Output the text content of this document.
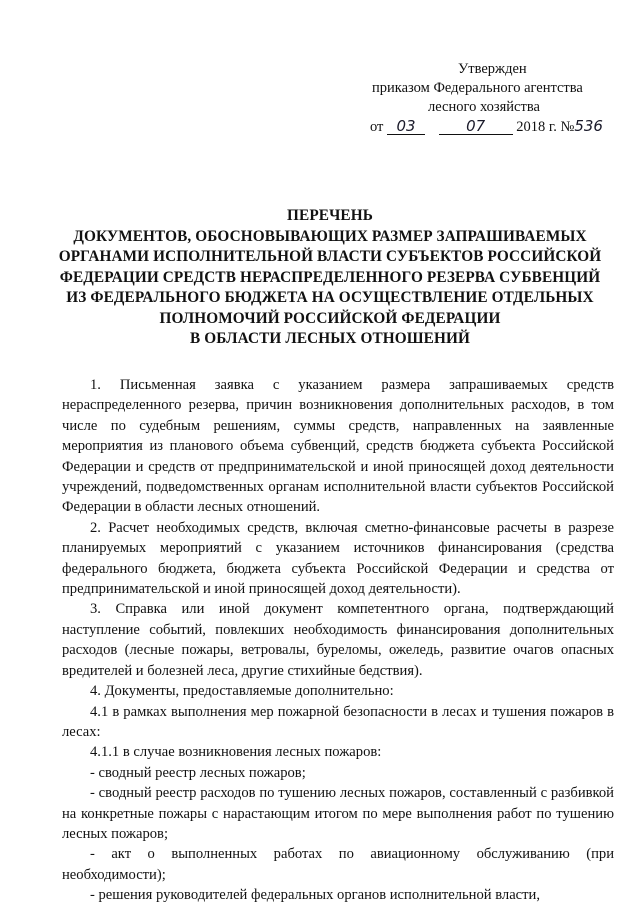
Утвержден
приказом Федерального агентства
лесного хозяйства
от 03	07 2018 г. №536
ПЕРЕЧЕНЬ
ДОКУМЕНТОВ, ОБОСНОВЫВАЮЩИХ РАЗМЕР ЗАПРАШИВАЕМЫХ
ОРГАНАМИ ИСПОЛНИТЕЛЬНОЙ ВЛАСТИ СУБЪЕКТОВ РОССИЙСКОЙ
ФЕДЕРАЦИИ СРЕДСТВ НЕРАСПРЕДЕЛЕННОГО РЕЗЕРВА СУБВЕНЦИЙ
ИЗ ФЕДЕРАЛЬНОГО БЮДЖЕТА НА ОСУЩЕСТВЛЕНИЕ ОТДЕЛЬНЫХ
ПОЛНОМОЧИЙ РОССИЙСКОЙ ФЕДЕРАЦИИ
В ОБЛАСТИ ЛЕСНЫХ ОТНОШЕНИЙ

1. Письменная заявка с указанием размера запрашиваемых средств нераспределенного резерва, причин возникновения дополнительных расходов, в том числе по судебным решениям, суммы средств, направленных на заявленные мероприятия из планового объема субвенций, средств бюджета субъекта Российской Федерации и средств от предпринимательской и иной приносящей доход деятельности учреждений, подведомственных органам исполнительной власти субъектов Российской Федерации в области лесных отношений.

2. Расчет необходимых средств, включая сметно-финансовые расчеты в разрезе планируемых мероприятий с указанием источников финансирования (средства федерального бюджета, бюджета субъекта Российской Федерации и средства от предпринимательской и иной приносящей доход деятельности).

3. Справка или иной документ компетентного органа, подтверждающий наступление событий, повлекших необходимость финансирования дополнительных расходов (лесные пожары, ветровалы, буреломы, ожеледь, развитие очагов опасных вредителей и болезней леса, другие стихийные бедствия).

4. Документы, предоставляемые дополнительно:

4.1 в рамках выполнения мер пожарной безопасности в лесах и тушения пожаров в лесах:

4.1.1 в случае возникновения лесных пожаров:

- сводный реестр лесных пожаров;

- сводный реестр расходов по тушению лесных пожаров, составленный с разбивкой на конкретные пожары с нарастающим итогом по мере выполнения работ по тушению лесных пожаров;

- акт о выполненных работах по авиационному обслуживанию (при необходимости);

- решения руководителей федеральных органов исполнительной власти,
